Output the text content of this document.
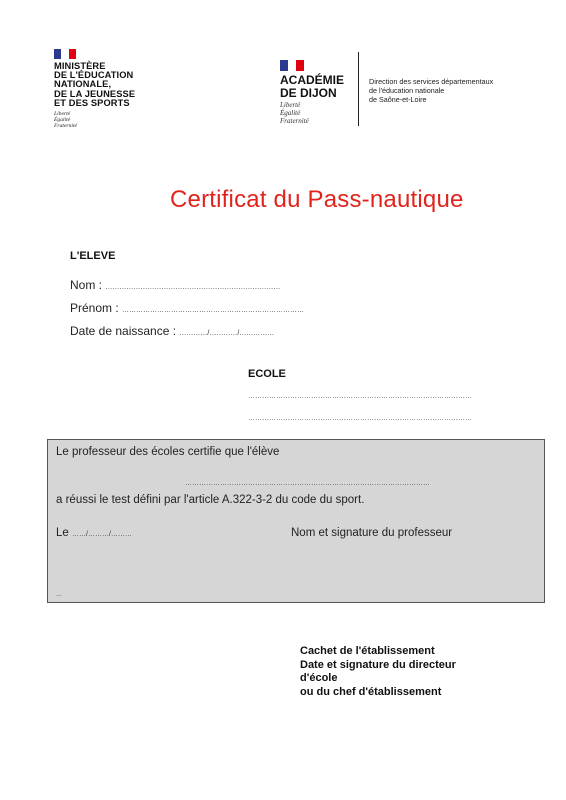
MINISTÈRE
DE L'ÉDUCATION
NATIONALE,
DE LA JEUNESSE
ET DES SPORTS
Liberté
Égalité
Fraternité
ACADÉMIE
DE DIJON
Liberté
Égalité
Fraternité
Direction des services départementaux
de l'éducation nationale
de Saône-et-Loire
Certificat du Pass-nautique
L'ELEVE
Nom : …………………………………………………………………
Prénom : ……………………………………………………………………
Date de naissance : …………/…………/……………
ECOLE
……………………………………………………………………………………
……………………………………………………………………………………
Le professeur des écoles certifie que l'élève
……………………………………………………………………………………………
a réussi le test défini par l'article A.322-3-2 du code du sport.
Le ……/………/………	Nom et signature du professeur
…
Cachet de l'établissement
Date et signature du directeur
d'école
ou du chef d'établissement
